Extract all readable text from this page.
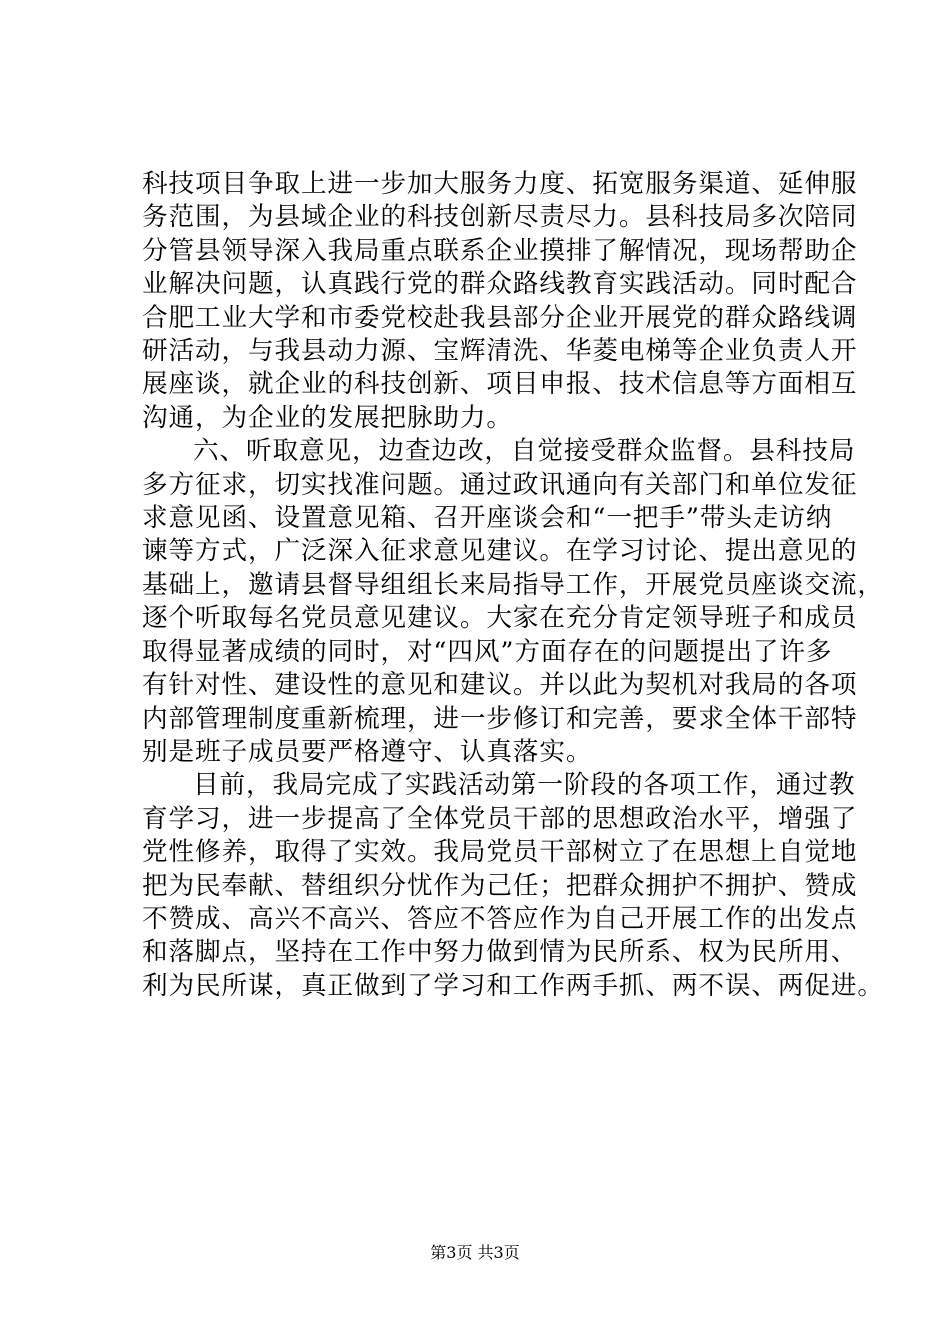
科技项目争取上进一步加大服务力度、拓宽服务渠道、延伸服
务范围，为县域企业的科技创新尽责尽力。县科技局多次陪同
分管县领导深入我局重点联系企业摸排了解情况，现场帮助企
业解决问题，认真践行党的群众路线教育实践活动。同时配合
合肥工业大学和市委党校赴我县部分企业开展党的群众路线调
研活动，与我县动力源、宝辉清洗、华菱电梯等企业负责人开
展座谈，就企业的科技创新、项目申报、技术信息等方面相互
沟通，为企业的发展把脉助力。
六、听取意见，边查边改，自觉接受群众监督。县科技局
多方征求，切实找准问题。通过政讯通向有关部门和单位发征
求意见函、设置意见箱、召开座谈会和“一把手”带头走访纳
谏等方式，广泛深入征求意见建议。在学习讨论、提出意见的
基础上，邀请县督导组组长来局指导工作，开展党员座谈交流，
逐个听取每名党员意见建议。大家在充分肯定领导班子和成员
取得显著成绩的同时，对“四风”方面存在的问题提出了许多
有针对性、建设性的意见和建议。并以此为契机对我局的各项
内部管理制度重新梳理，进一步修订和完善，要求全体干部特
别是班子成员要严格遵守、认真落实。
目前，我局完成了实践活动第一阶段的各项工作，通过教
育学习，进一步提高了全体党员干部的思想政治水平，增强了
党性修养，取得了实效。我局党员干部树立了在思想上自觉地
把为民奉献、替组织分忧作为己任；把群众拥护不拥护、赞成
不赞成、高兴不高兴、答应不答应作为自己开展工作的出发点
和落脚点，坚持在工作中努力做到情为民所系、权为民所用、
利为民所谋，真正做到了学习和工作两手抓、两不误、两促进。
第3页 共3页
